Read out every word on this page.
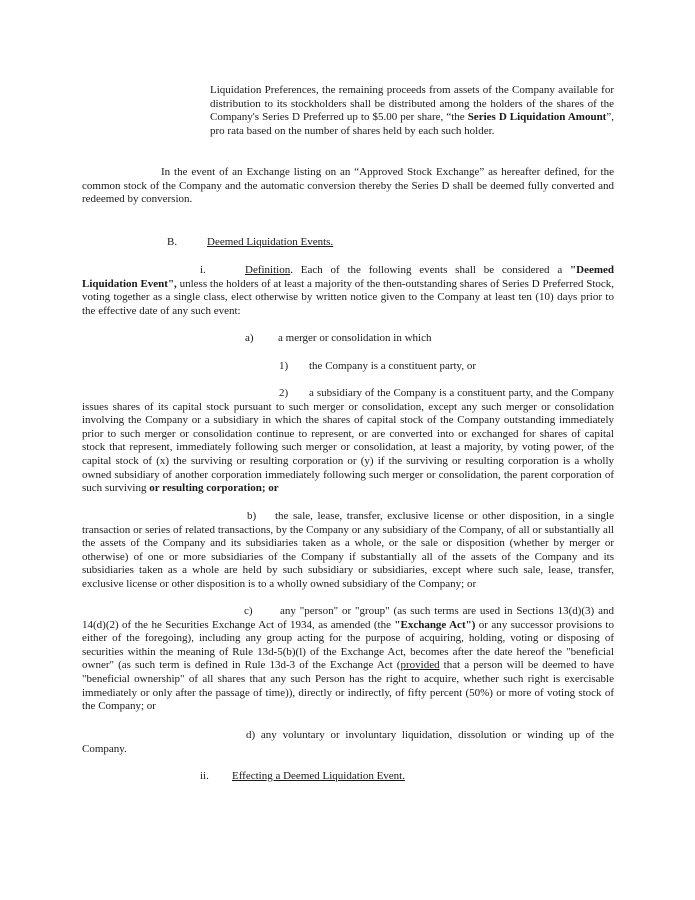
Liquidation Preferences, the remaining proceeds from assets of the Company available for distribution to its stockholders shall be distributed among the holders of the shares of the Company's Series D Preferred up to $5.00 per share, “the Series D Liquidation Amount”, pro rata based on the number of shares held by each such holder.

In the event of an Exchange listing on an “Approved Stock Exchange” as hereafter defined, for the common stock of the Company and the automatic conversion thereby the Series D shall be deemed fully converted and redeemed by conversion.

B.	Deemed Liquidation Events.

i.	Definition. Each of the following events shall be considered a "Deemed Liquidation Event", unless the holders of at least a majority of the then-outstanding shares of Series D Preferred Stock, voting together as a single class, elect otherwise by written notice given to the Company at least ten (10) days prior to the effective date of any such event:

a) a merger or consolidation in which
1) the Company is a constituent party, or

2) a subsidiary of the Company is a constituent party, and the Company issues shares of its capital stock pursuant to such merger or consolidation, except any such merger or consolidation involving the Company or a subsidiary in which the shares of capital stock of the Company outstanding immediately prior to such merger or consolidation continue to represent, or are converted into or exchanged for shares of capital stock that represent, immediately following such merger or consolidation, at least a majority, by voting power, of the capital stock of (x) the surviving or resulting corporation or (y) if the surviving or resulting corporation is a wholly owned subsidiary of another corporation immediately following such merger or consolidation, the parent corporation of such surviving or resulting corporation; or

b) the sale, lease, transfer, exclusive license or other disposition, in a single transaction or series of related transactions, by the Company or any subsidiary of the Company, of all or substantially all the assets of the Company and its subsidiaries taken as a whole, or the sale or disposition (whether by merger or otherwise) of one or more subsidiaries of the Company if substantially all of the assets of the Company and its subsidiaries taken as a whole are held by such subsidiary or subsidiaries, except where such sale, lease, transfer, exclusive license or other disposition is to a wholly owned subsidiary of the Company; or

c) any "person" or "group" (as such terms are used in Sections 13(d)(3) and 14(d)(2) of the he Securities Exchange Act of 1934, as amended (the "Exchange Act") or any successor provisions to either of the foregoing), including any group acting for the purpose of acquiring, holding, voting or disposing of securities within the meaning of Rule 13d-5(b)(l) of the Exchange Act, becomes after the date hereof the "beneficial owner" (as such term is defined in Rule 13d-3 of the Exchange Act (provided that a person will be deemed to have "beneficial ownership" of all shares that any such Person has the right to acquire, whether such right is exercisable immediately or only after the passage of time)), directly or indirectly, of fifty percent (50%) or more of voting stock of the Company; or

d) any voluntary or involuntary liquidation, dissolution or winding up of the Company.

ii. Effecting a Deemed Liquidation Event.
